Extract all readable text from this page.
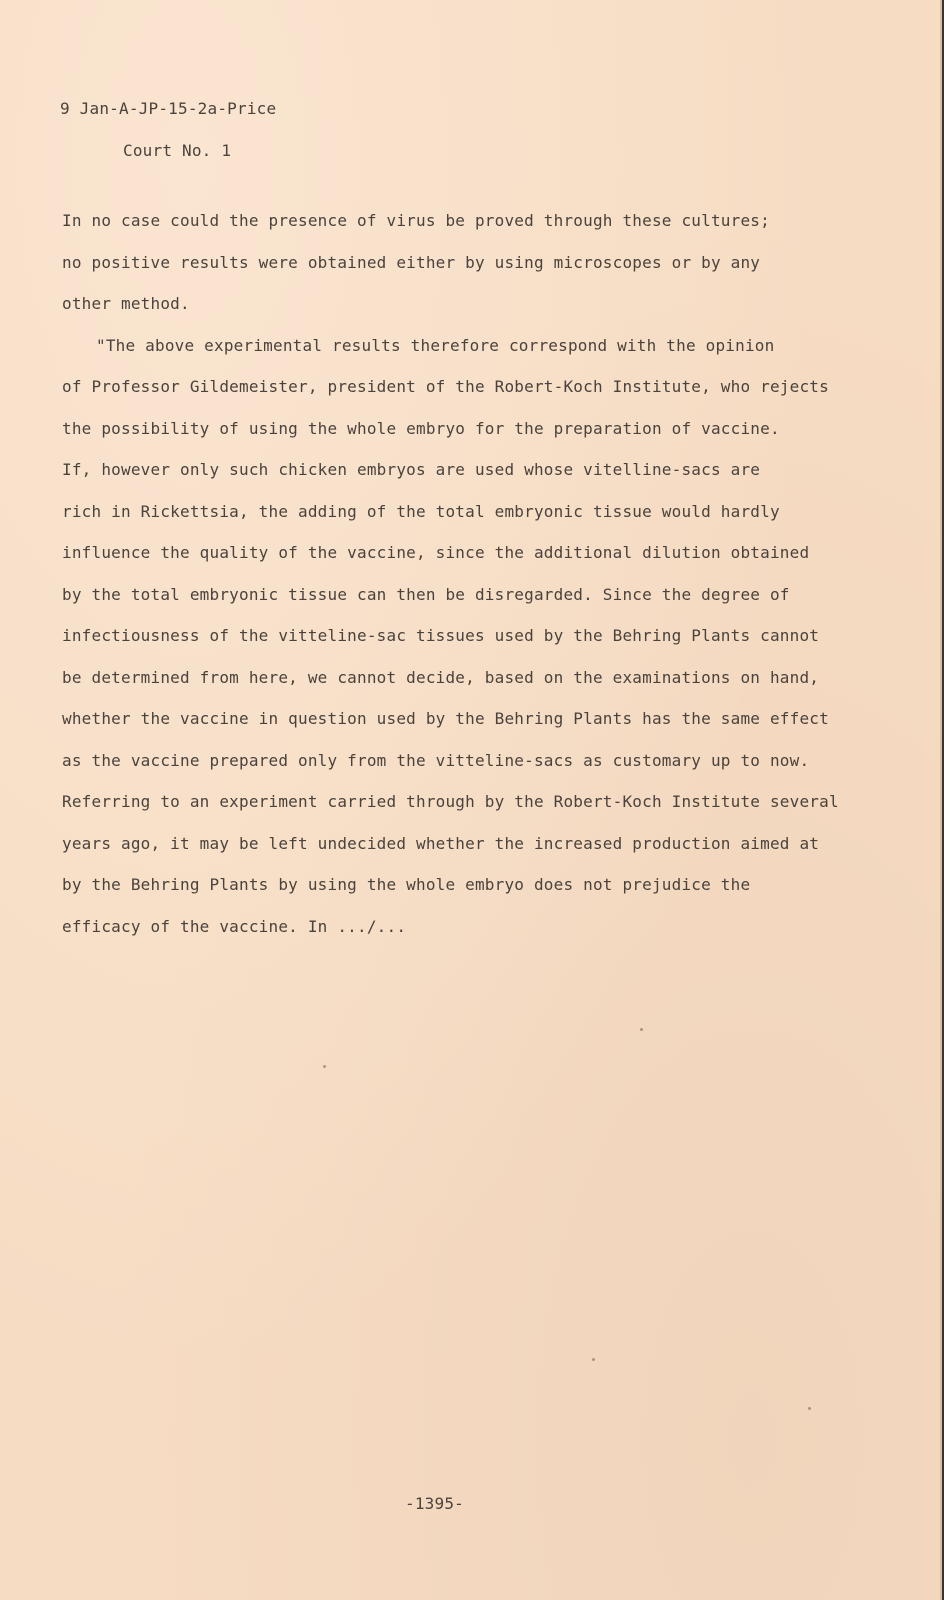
9 Jan-A-JP-15-2a-Price
Court No. 1
In no case could the presence of virus be proved through these cultures;
no positive results were obtained either by using microscopes or by any
other method.
"The above experimental results therefore correspond with the opinion
of Professor Gildemeister, president of the Robert-Koch Institute, who rejects
the possibility of using the whole embryo for the preparation of vaccine.
If, however only such chicken embryos are used whose vitelline-sacs are
rich in Rickettsia, the adding of the total embryonic tissue would hardly
influence the quality of the vaccine, since the additional dilution obtained
by the total embryonic tissue can then be disregarded. Since the degree of
infectiousness of the vitteline-sac tissues used by the Behring Plants cannot
be determined from here, we cannot decide, based on the examinations on hand,
whether the vaccine in question used by the Behring Plants has the same effect
as the vaccine prepared only from the vitteline-sacs as customary up to now.
Referring to an experiment carried through by the Robert-Koch Institute several
years ago, it may be left undecided whether the increased production aimed at
by the Behring Plants by using the whole embryo does not prejudice the
efficacy of the vaccine. In .../...
-1395-
